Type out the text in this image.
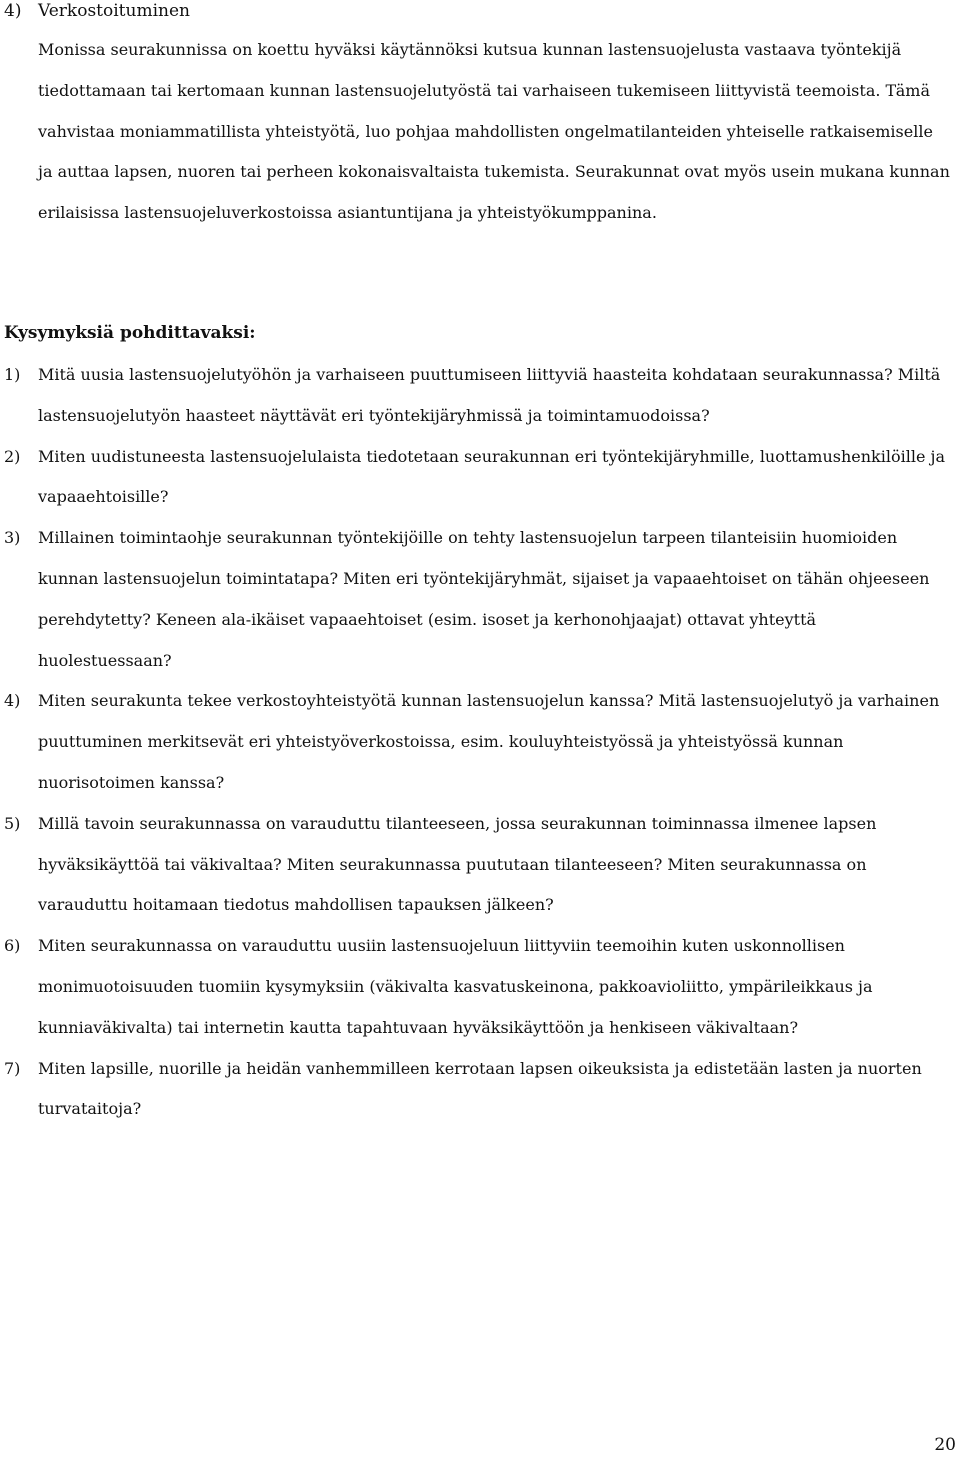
4) Verkostoituminen

Monissa seurakunnissa on koettu hyväksi käytännöksi kutsua kunnan lastensuojelusta vastaava työntekijä tiedottamaan tai kertomaan kunnan lastensuojelutyöstä tai varhaiseen tukemiseen liittyvistä teemoista. Tämä vahvistaa moniammatillista yhteistyötä, luo pohjaa mahdollisten ongelmatilanteiden yhteiselle ratkaisemiselle ja auttaa lapsen, nuoren tai perheen kokonaisvaltaista tukemista. Seurakunnat ovat myös usein mukana kunnan erilaisissa lastensuojeluverkostoissa asiantuntijana ja yhteistyökumppanina.

Kysymyksiä pohdittavaksi:
1)	Mitä uusia lastensuojelutyöhön ja varhaiseen puuttumiseen liittyviä haasteita kohdataan seurakunnassa? Miltä lastensuojelutyön haasteet näyttävät eri työntekijäryhmissä ja toimintamuodoissa?
2)	Miten uudistuneesta lastensuojelulaista tiedotetaan seurakunnan eri työntekijäryhmille, luottamushenkilöille ja vapaaehtoisille?
3)	Millainen toimintaohje seurakunnan työntekijöille on tehty lastensuojelun tarpeen tilanteisiin huomioiden kunnan lastensuojelun toimintatapa? Miten eri työntekijäryhmät, sijaiset ja vapaaehtoiset on tähän ohjeeseen perehdytetty? Keneen ala-ikäiset vapaaehtoiset (esim. isoset ja kerhonohjaajat) ottavat yhteyttä huolestuessaan?
4)	Miten seurakunta tekee verkostoyhteistyötä kunnan lastensuojelun kanssa? Mitä lastensuojelutyö ja varhainen puuttuminen merkitsevät eri yhteistyöverkostoissa, esim. kouluyhteistyössä ja yhteistyössä kunnan nuorisotoimen kanssa?
5)	Millä tavoin seurakunnassa on varauduttu tilanteeseen, jossa seurakunnan toiminnassa ilmenee lapsen hyväksikäyttöä tai väkivaltaa? Miten seurakunnassa puututaan tilanteeseen? Miten seurakunnassa on varauduttu hoitamaan tiedotus mahdollisen tapauksen jälkeen?
6)	Miten seurakunnassa on varauduttu uusiin lastensuojeluun liittyviin teemoihin kuten uskonnollisen monimuotoisuuden tuomiin kysymyksiin (väkivalta kasvatuskeinona, pakkoavioliitto, ympärileikkaus ja kunniaväkivalta) tai internetin kautta tapahtuvaan hyväksikäyttöön ja henkiseen väkivaltaan?
7)	Miten lapsille, nuorille ja heidän vanhemmilleen kerrotaan lapsen oikeuksista ja edistetään lasten ja nuorten turvataitoja?
20
